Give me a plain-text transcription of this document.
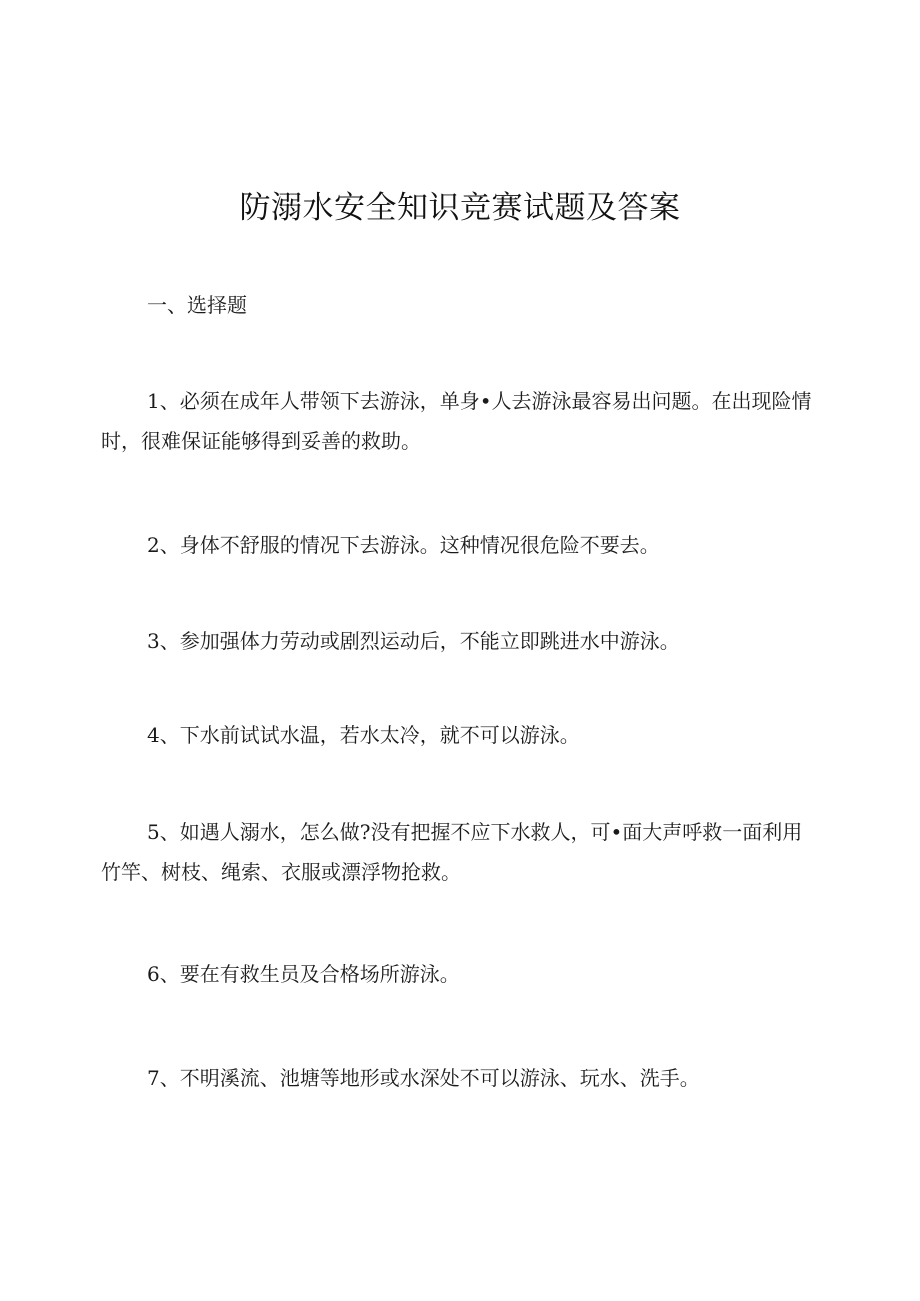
防溺水安全知识竞赛试题及答案
一、选择题

1、必须在成年人带领下去游泳，单身•人去游泳最容易出问题。在出现险情时，很难保证能够得到妥善的救助。

2、身体不舒服的情况下去游泳。这种情况很危险不要去。

3、参加强体力劳动或剧烈运动后，不能立即跳进水中游泳。

4、下水前试试水温，若水太冷，就不可以游泳。

5、如遇人溺水，怎么做?没有把握不应下水救人，可•面大声呼救一面利用竹竿、树枝、绳索、衣服或漂浮物抢救。

6、要在有救生员及合格场所游泳。

7、不明溪流、池塘等地形或水深处不可以游泳、玩水、洗手。
